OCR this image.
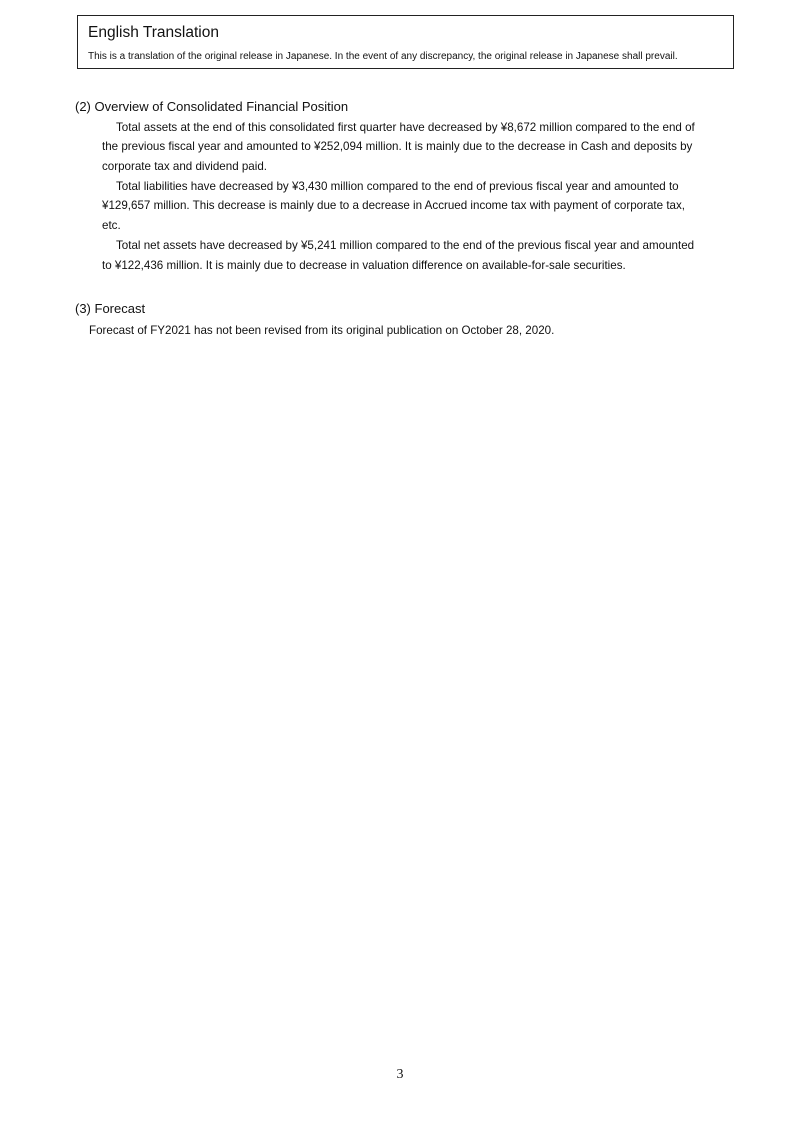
English Translation
This is a translation of the original release in Japanese. In the event of any discrepancy, the original release in Japanese shall prevail.
(2) Overview of Consolidated Financial Position
Total assets at the end of this consolidated first quarter have decreased by ¥8,672 million compared to the end of
the previous fiscal year and amounted to ¥252,094 million. It is mainly due to the decrease in Cash and deposits by
corporate tax and dividend paid.
Total liabilities have decreased by ¥3,430 million compared to the end of previous fiscal year and amounted to
¥129,657 million. This decrease is mainly due to a decrease in Accrued income tax with payment of corporate tax,
etc.
Total net assets have decreased by ¥5,241 million compared to the end of the previous fiscal year and amounted
to ¥122,436 million. It is mainly due to decrease in valuation difference on available-for-sale securities.
(3) Forecast
Forecast of FY2021 has not been revised from its original publication on October 28, 2020.
3
